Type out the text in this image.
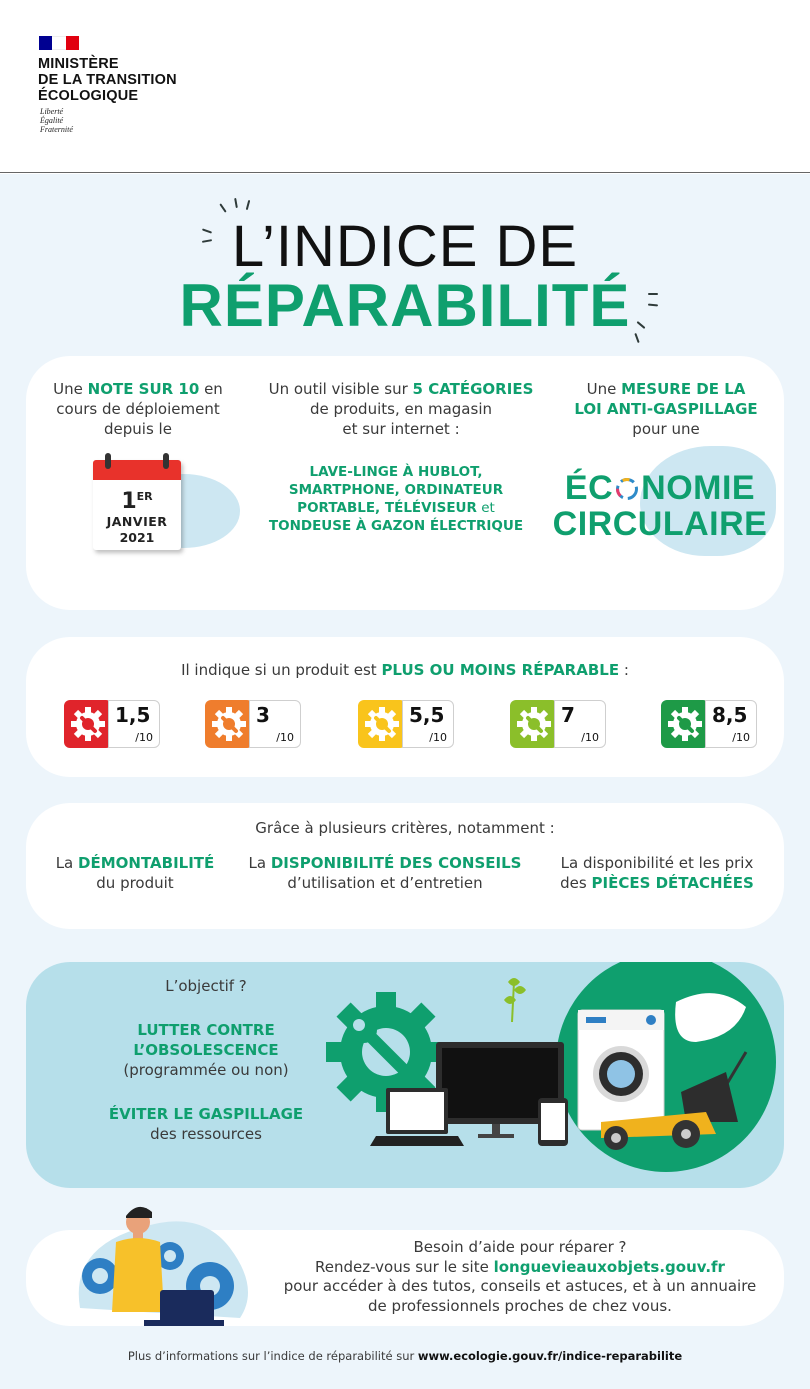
MINISTÈRE
DE LA TRANSITION
ÉCOLOGIQUE
Liberté
Égalité
Fraternité
L’INDICE DE
RÉPARABILITÉ
Une NOTE SUR 10 en
cours de déploiement
depuis le
1ER
JANVIER
2021
Un outil visible sur 5 CATÉGORIES
de produits, en magasin
et sur internet :
LAVE-LINGE À HUBLOT,
SMARTPHONE, ORDINATEUR
PORTABLE, TÉLÉVISEUR et
TONDEUSE À GAZON ÉLECTRIQUE
Une MESURE DE LA
LOI ANTI-GASPILLAGE
pour une
ÉC NOMIE
CIRCULAIRE
Il indique si un produit est PLUS OU MOINS RÉPARABLE :
1,5
/10
3
/10
5,5
/10
7
/10
8,5
/10
Grâce à plusieurs critères, notamment :
La DÉMONTABILITÉ
du produit
La DISPONIBILITÉ DES CONSEILS
d’utilisation et d’entretien
La disponibilité et les prix
des PIÈCES DÉTACHÉES
L’objectif ?
LUTTER CONTRE
L’OBSOLESCENCE
(programmée ou non)
ÉVITER LE GASPILLAGE
des ressources
Besoin d’aide pour réparer ?
Rendez-vous sur le site longuevieauxobjets.gouv.fr
pour accéder à des tutos, conseils et astuces, et à un annuaire
de professionnels proches de chez vous.
Plus d’informations sur l’indice de réparabilité sur www.ecologie.gouv.fr/indice-reparabilite
